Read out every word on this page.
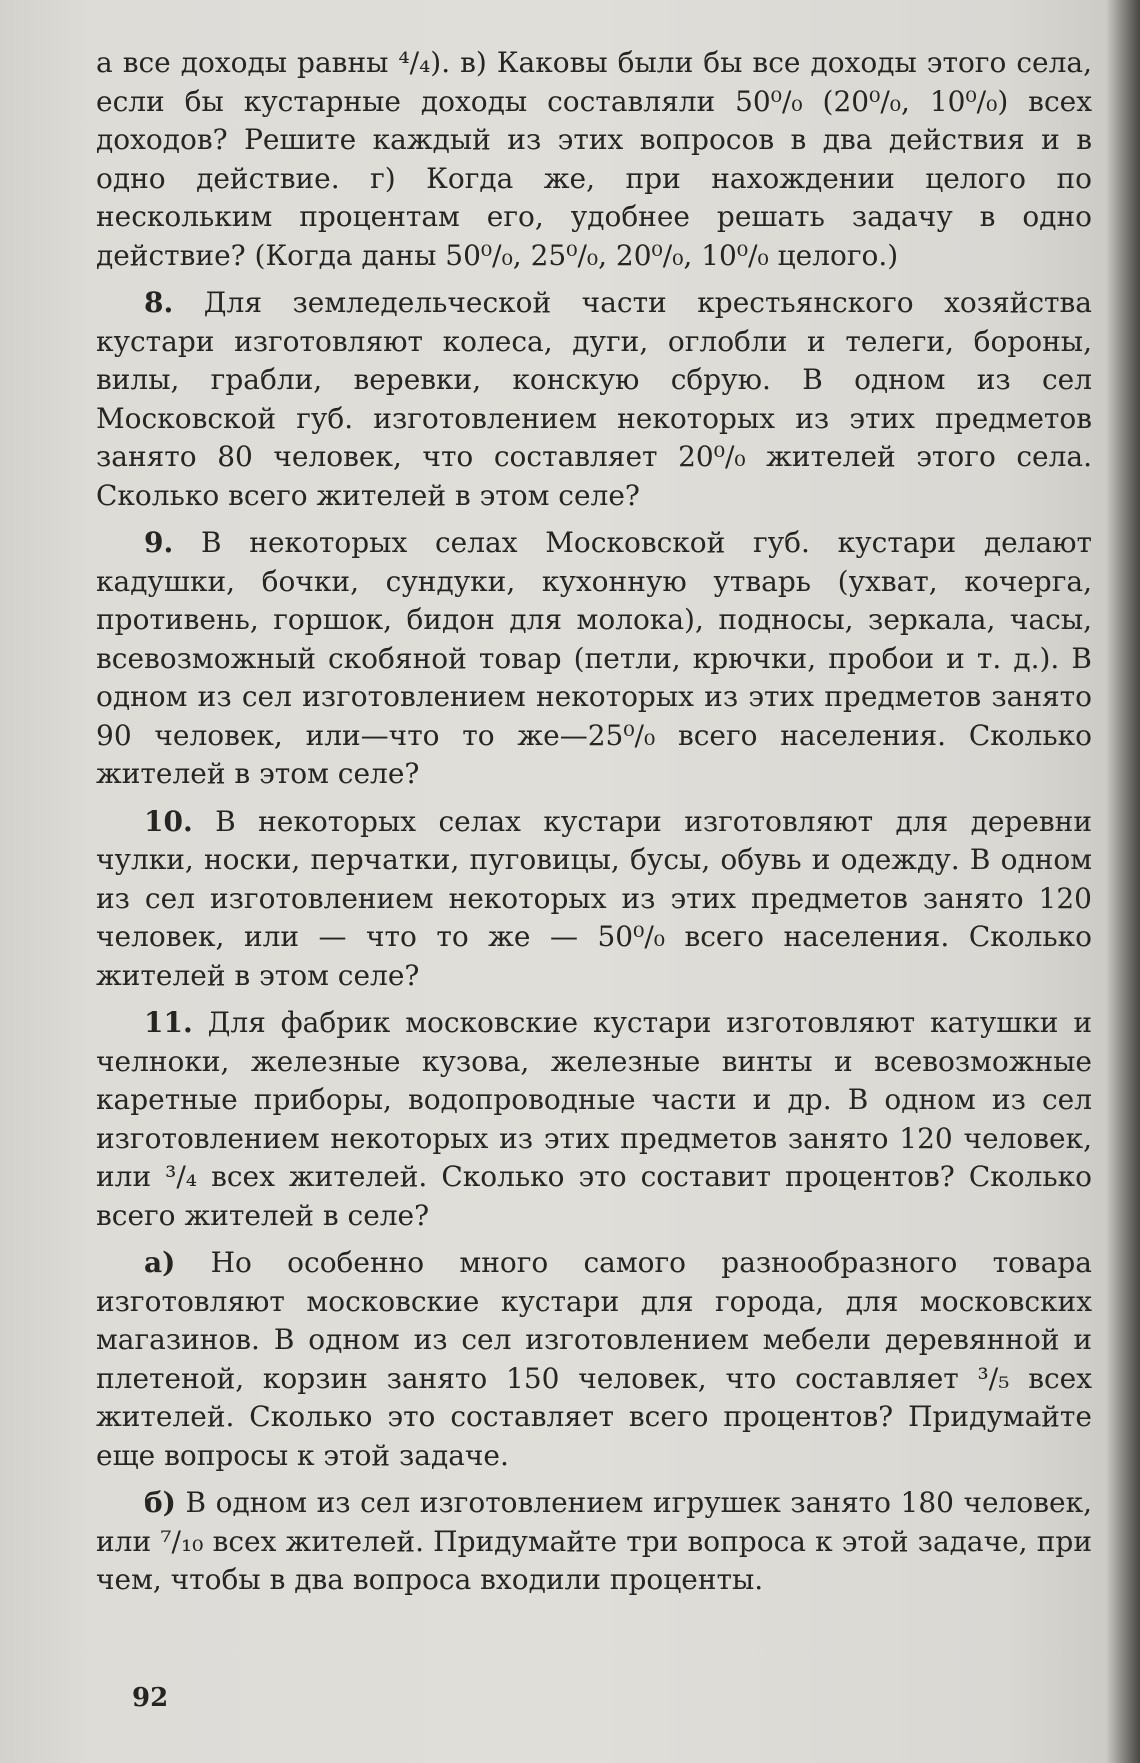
а все доходы равны ⁴/₄). в) Каковы были бы все доходы этого села, если бы кустарные доходы составляли 50⁰/₀ (20⁰/₀, 10⁰/₀) всех доходов? Решите каждый из этих вопросов в два действия и в одно действие. г) Когда же, при нахождении целого по нескольким процентам его, удобнее решать задачу в одно действие? (Когда даны 50⁰/₀, 25⁰/₀, 20⁰/₀, 10⁰/₀ целого.)

8. Для земледельческой части крестьянского хозяйства кустари изготовляют колеса, дуги, оглобли и телеги, бороны, вилы, грабли, веревки, конскую сбрую. В одном из сел Московской губ. изготовлением некоторых из этих предметов занято 80 человек, что составляет 20⁰/₀ жителей этого села. Сколько всего жителей в этом селе?

9. В некоторых селах Московской губ. кустари делают кадушки, бочки, сундуки, кухонную утварь (ухват, кочерга, противень, горшок, бидон для молока), подносы, зеркала, часы, всевозможный скобяной товар (петли, крючки, пробои и т. д.). В одном из сел изготовлением некоторых из этих предметов занято 90 человек, или—что то же—25⁰/₀ всего населения. Сколько жителей в этом селе?

10. В некоторых селах кустари изготовляют для деревни чулки, носки, перчатки, пуговицы, бусы, обувь и одежду. В одном из сел изготовлением некоторых из этих предметов занято 120 человек, или — что то же — 50⁰/₀ всего населения. Сколько жителей в этом селе?

11. Для фабрик московские кустари изготовляют катушки и челноки, железные кузова, железные винты и всевозможные каретные приборы, водопроводные части и др. В одном из сел изготовлением некоторых из этих предметов занято 120 человек, или ³/₄ всех жителей. Сколько это составит процентов? Сколько всего жителей в селе?

а) Но особенно много самого разнообразного товара изготовляют московские кустари для города, для московских магазинов. В одном из сел изготовлением мебели деревянной и плетеной, корзин занято 150 человек, что составляет ³/₅ всех жителей. Сколько это составляет всего процентов? Придумайте еще вопросы к этой задаче.

б) В одном из сел изготовлением игрушек занято 180 человек, или ⁷/₁₀ всех жителей. Придумайте три вопроса к этой задаче, при чем, чтобы в два вопроса входили проценты.

92
